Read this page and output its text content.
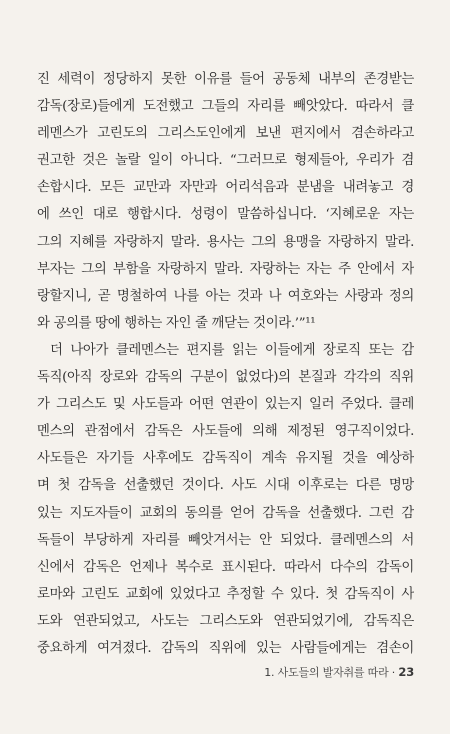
진 세력이 정당하지 못한 이유를 들어 공동체 내부의 존경받는
감독(장로)들에게 도전했고 그들의 자리를 빼앗았다. 따라서 클
레멘스가 고린도의 그리스도인에게 보낸 편지에서 겸손하라고
권고한 것은 놀랄 일이 아니다. “그러므로 형제들아, 우리가 겸
손합시다. 모든 교만과 자만과 어리석음과 분냄을 내려놓고 경
에 쓰인 대로 행합시다. 성령이 말씀하십니다. ‘지혜로운 자는
그의 지혜를 자랑하지 말라. 용사는 그의 용맹을 자랑하지 말라.
부자는 그의 부함을 자랑하지 말라. 자랑하는 자는 주 안에서 자
랑할지니, 곧 명철하여 나를 아는 것과 나 여호와는 사랑과 정의
와 공의를 땅에 행하는 자인 줄 깨닫는 것이라.’”¹¹
더 나아가 클레멘스는 편지를 읽는 이들에게 장로직 또는 감
독직(아직 장로와 감독의 구분이 없었다)의 본질과 각각의 직위
가 그리스도 및 사도들과 어떤 연관이 있는지 일러 주었다. 클레
멘스의 관점에서 감독은 사도들에 의해 제정된 영구직이었다.
사도들은 자기들 사후에도 감독직이 계속 유지될 것을 예상하
며 첫 감독을 선출했던 것이다. 사도 시대 이후로는 다른 명망
있는 지도자들이 교회의 동의를 얻어 감독을 선출했다. 그런 감
독들이 부당하게 자리를 빼앗겨서는 안 되었다. 클레멘스의 서
신에서 감독은 언제나 복수로 표시된다. 따라서 다수의 감독이
로마와 고린도 교회에 있었다고 추정할 수 있다. 첫 감독직이 사
도와 연관되었고, 사도는 그리스도와 연관되었기에, 감독직은
중요하게 여겨졌다. 감독의 직위에 있는 사람들에게는 겸손이
1. 사도들의 발자취를 따라 · 23
